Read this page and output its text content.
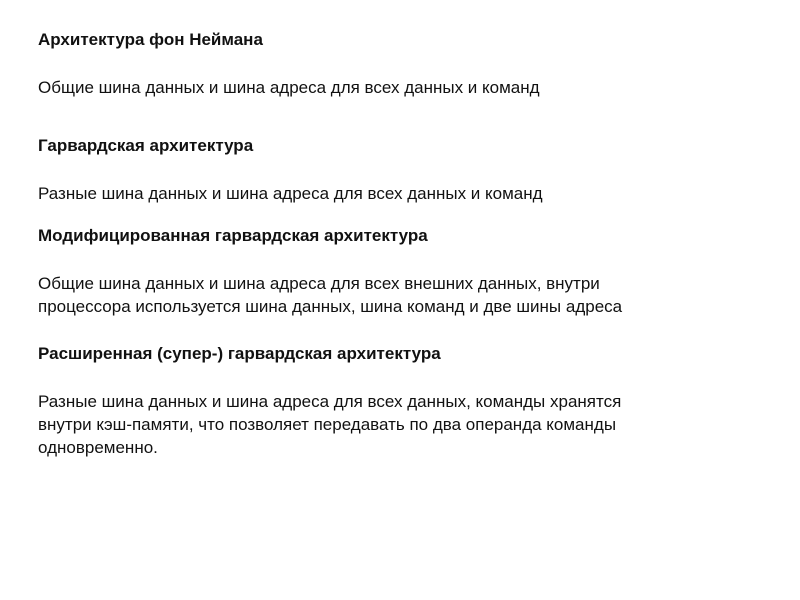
Архитектура фон Неймана

Общие шина данных и шина адреса для всех данных и команд

Гарвардская архитектура

Разные шина данных и шина адреса для всех данных и команд

Модифицированная гарвардская архитектура
Общие шина данных и шина адреса для всех внешних данных, внутри
процессора используется шина данных, шина команд и две шины адреса
Расширенная (супер-) гарвардская архитектура
Разные шина данных и шина адреса для всех данных, команды хранятся
внутри кэш-памяти, что позволяет передавать по два операнда команды
одновременно.
